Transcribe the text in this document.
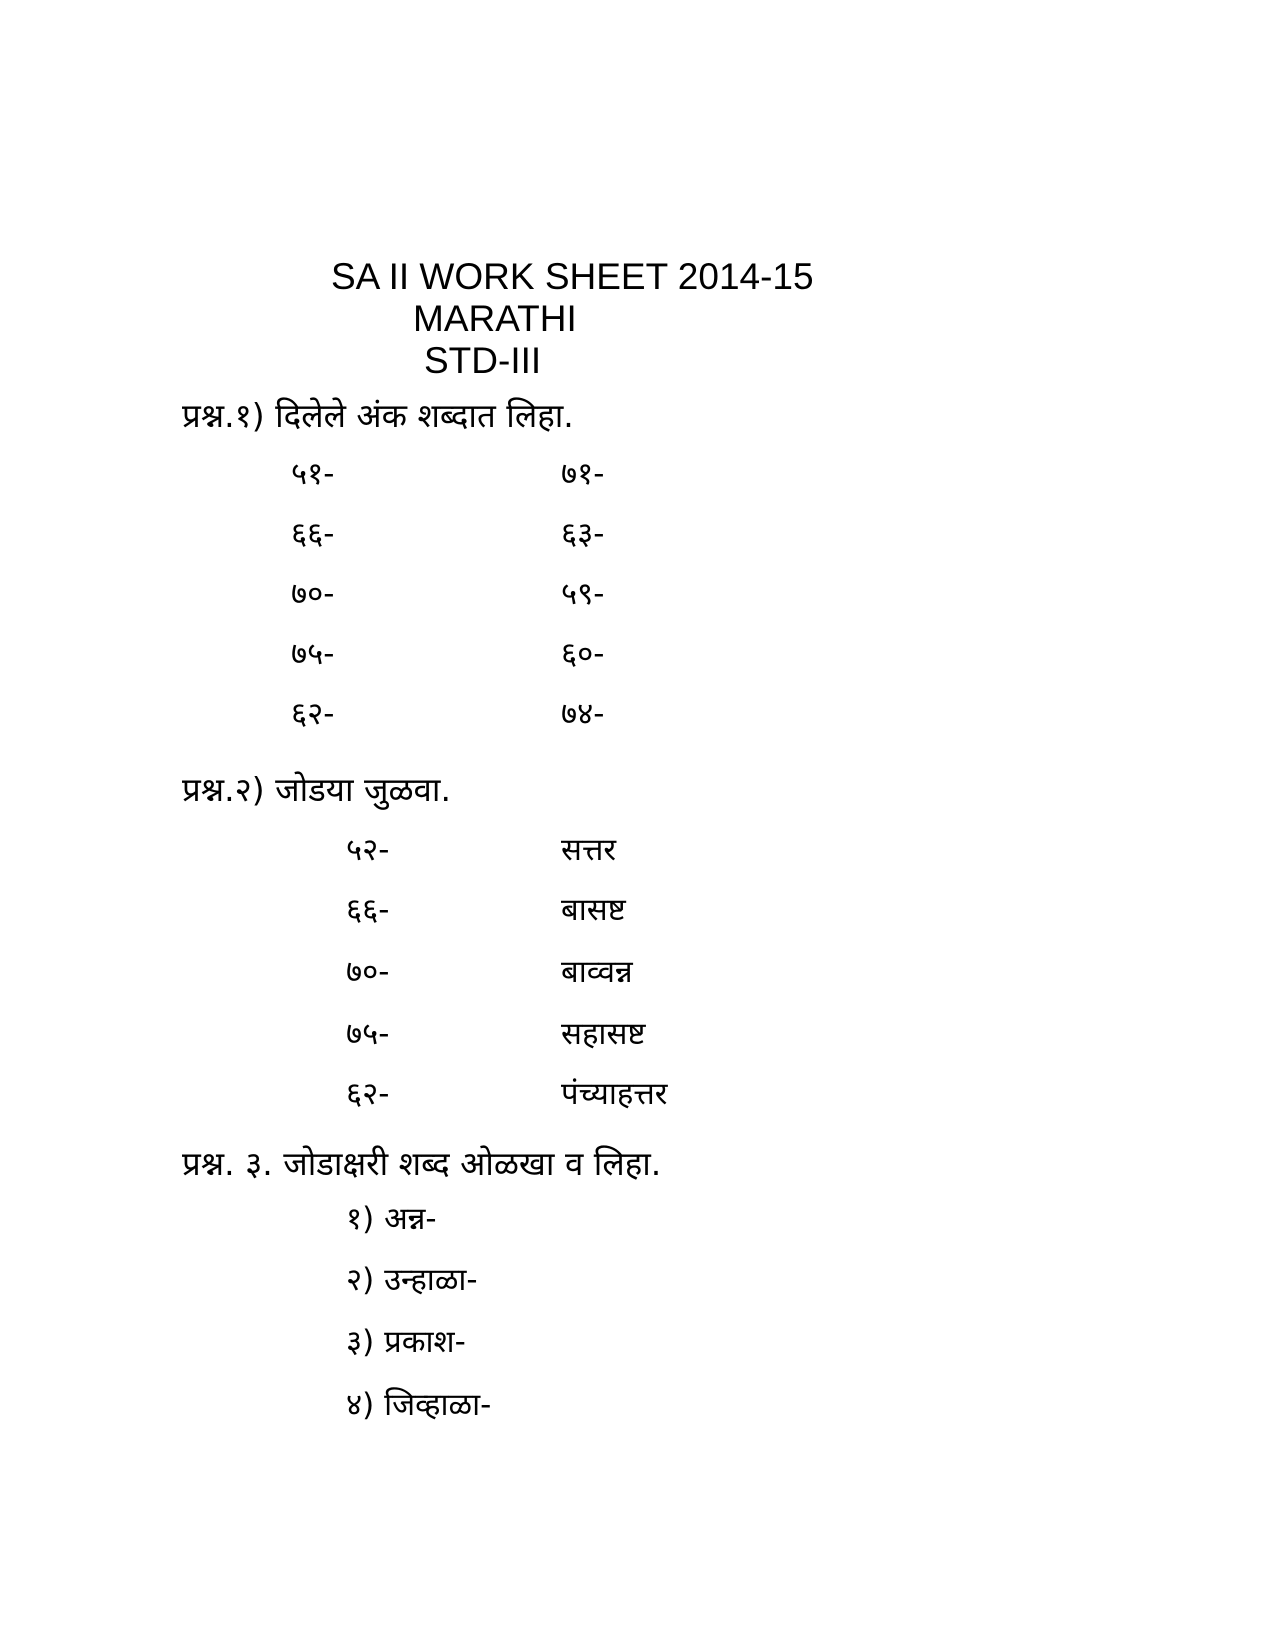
SA II WORK SHEET 2014-15
MARATHI
STD-III
प्रश्न.१) दिलेले अंक शब्दात लिहा.
५१-	७१-
६६-	६३-
७०-	५९-
७५-	६०-
६२-	७४-
प्रश्न.२) जोडया जुळवा.
५२-	सत्तर
६६-	बासष्ट
७०-	बाव्वन्न
७५-	सहासष्ट
६२-	पंच्याहत्तर
प्रश्न. ३. जोडाक्षरी शब्द ओळखा व लिहा.
१) अन्न-
२) उन्हाळा-
३) प्रकाश-
४) जिव्हाळा-
